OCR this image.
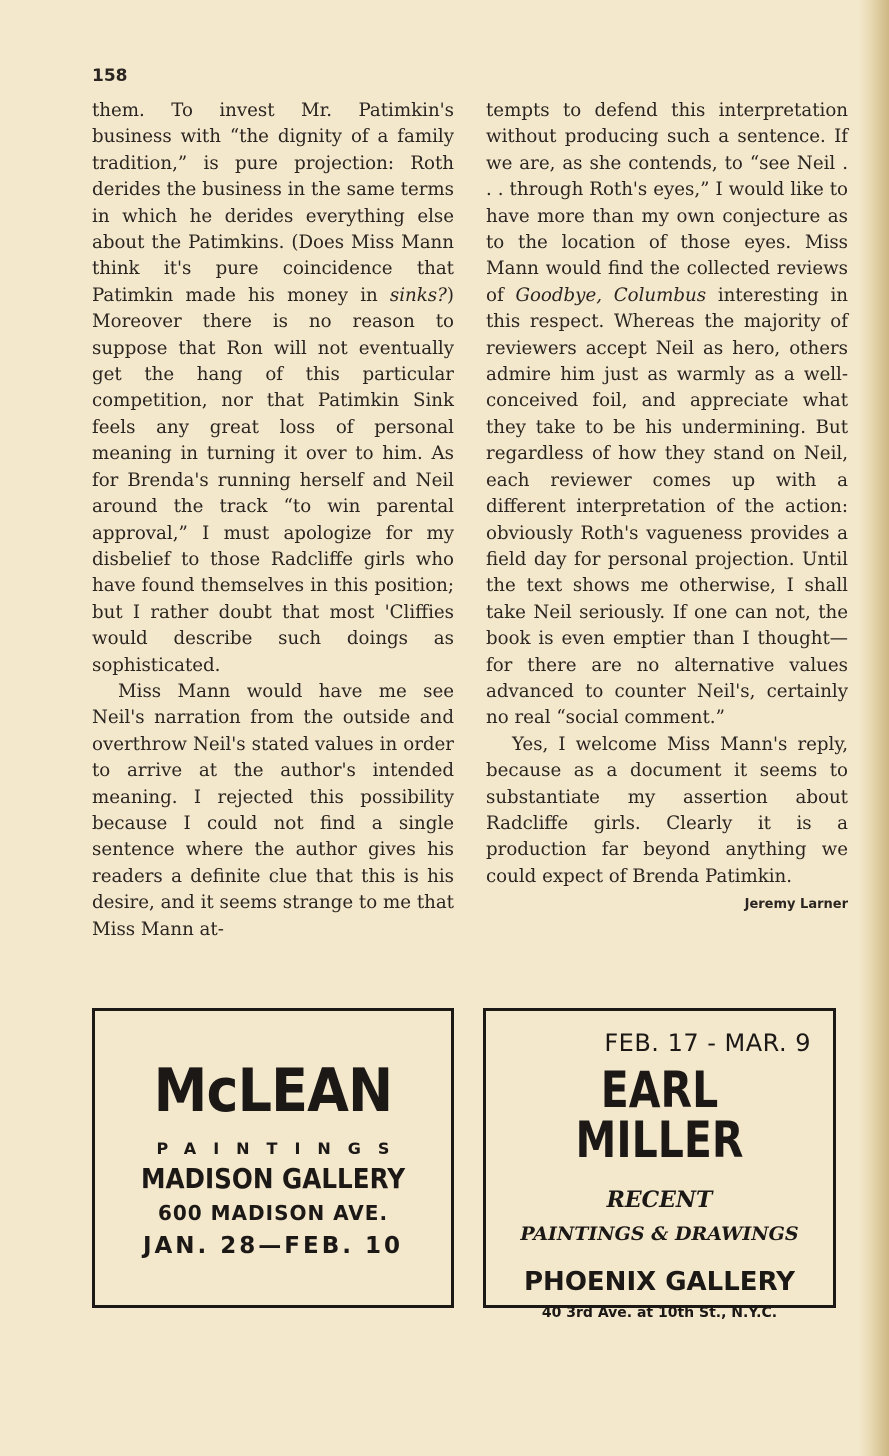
158

them. To invest Mr. Patimkin's business with “the dignity of a family tradition,” is pure projection: Roth derides the business in the same terms in which he derides everything else about the Patimkins. (Does Miss Mann think it's pure coincidence that Patimkin made his money in sinks?) Moreover there is no reason to suppose that Ron will not eventually get the hang of this particular competition, nor that Patimkin Sink feels any great loss of personal meaning in turning it over to him. As for Brenda's running herself and Neil around the track “to win parental approval,” I must apologize for my disbelief to those Radcliffe girls who have found themselves in this position; but I rather doubt that most 'Cliffies would describe such doings as sophisticated.

Miss Mann would have me see Neil's narration from the outside and overthrow Neil's stated values in order to arrive at the author's intended meaning. I rejected this possibility because I could not find a single sentence where the author gives his readers a definite clue that this is his desire, and it seems strange to me that Miss Mann at-

tempts to defend this interpretation without producing such a sentence. If we are, as she contends, to “see Neil . . . through Roth's eyes,” I would like to have more than my own conjecture as to the location of those eyes. Miss Mann would find the collected reviews of Goodbye, Columbus interesting in this respect. Whereas the majority of reviewers accept Neil as hero, others admire him just as warmly as a well-conceived foil, and appreciate what they take to be his undermining. But regardless of how they stand on Neil, each reviewer comes up with a different interpretation of the action: obviously Roth's vagueness provides a field day for personal projection. Until the text shows me otherwise, I shall take Neil seriously. If one can not, the book is even emptier than I thought—for there are no alternative values advanced to counter Neil's, certainly no real “social comment.”

Yes, I welcome Miss Mann's reply, because as a document it seems to substantiate my assertion about Radcliffe girls. Clearly it is a production far beyond anything we could expect of Brenda Patimkin.

Jeremy Larner
McLEAN
PAINTINGS
MADISON GALLERY
600 MADISON AVE.
JAN. 28—FEB. 10
FEB. 17 - MAR. 9
EARL MILLER
RECENT
PAINTINGS & DRAWINGS
PHOENIX GALLERY
40 3rd Ave. at 10th St., N.Y.C.
